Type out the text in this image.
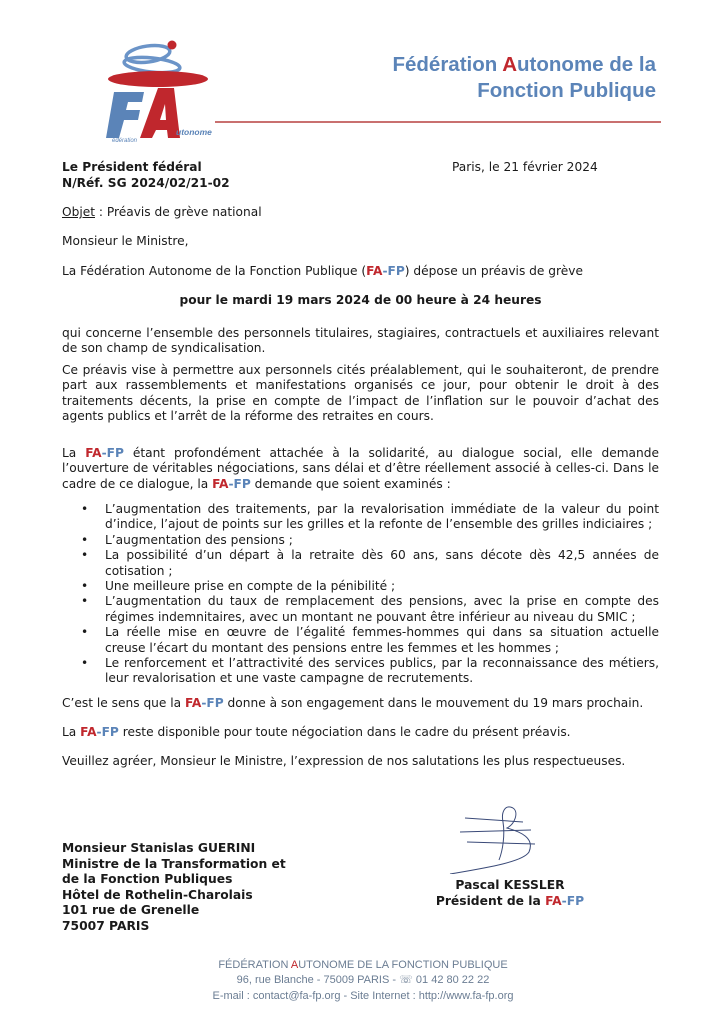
utonome
édération
Fédération Autonome de la
Fonction Publique
Le Président fédéral
N/Réf. SG 2024/02/21-02
Paris, le 21 février 2024
Objet : Préavis de grève national
Monsieur le Ministre,
La Fédération Autonome de la Fonction Publique (FA-FP) dépose un préavis de grève
pour le mardi 19 mars 2024 de 00 heure à 24 heures
qui concerne l’ensemble des personnels titulaires, stagiaires, contractuels et auxiliaires relevant de son champ de syndicalisation.
Ce préavis vise à permettre aux personnels cités préalablement, qui le souhaiteront, de prendre part aux rassemblements et manifestations organisés ce jour, pour obtenir le droit à des traitements décents, la prise en compte de l’impact de l’inflation sur le pouvoir d’achat des agents publics et l’arrêt de la réforme des retraites en cours.
La FA-FP étant profondément attachée à la solidarité, au dialogue social, elle demande l’ouverture de véritables négociations, sans délai et d’être réellement associé à celles-ci. Dans le cadre de ce dialogue, la FA-FP demande que soient examinés :
• L’augmentation des traitements, par la revalorisation immédiate de la valeur du point d’indice, l’ajout de points sur les grilles et la refonte de l’ensemble des grilles indiciaires ;
• L’augmentation des pensions ;
• La possibilité d’un départ à la retraite dès 60 ans, sans décote dès 42,5 années de cotisation ;
• Une meilleure prise en compte de la pénibilité ;
• L’augmentation du taux de remplacement des pensions, avec la prise en compte des régimes indemnitaires, avec un montant ne pouvant être inférieur au niveau du SMIC ;
• La réelle mise en œuvre de l’égalité femmes-hommes qui dans sa situation actuelle creuse l’écart du montant des pensions entre les femmes et les hommes ;
• Le renforcement et l’attractivité des services publics, par la reconnaissance des métiers, leur revalorisation et une vaste campagne de recrutements.
C’est le sens que la FA-FP donne à son engagement dans le mouvement du 19 mars prochain.
La FA-FP reste disponible pour toute négociation dans le cadre du présent préavis.
Veuillez agréer, Monsieur le Ministre, l’expression de nos salutations les plus respectueuses.
Monsieur Stanislas GUERINI
Ministre de la Transformation et
de la Fonction Publiques
Hôtel de Rothelin-Charolais
101 rue de Grenelle
75007 PARIS
Pascal KESSLER
Président de la FA-FP
FÉDÉRATION AUTONOME DE LA FONCTION PUBLIQUE
96, rue Blanche - 75009 PARIS - ☏ 01 42 80 22 22
E-mail : contact@fa-fp.org - Site Internet : http://www.fa-fp.org
